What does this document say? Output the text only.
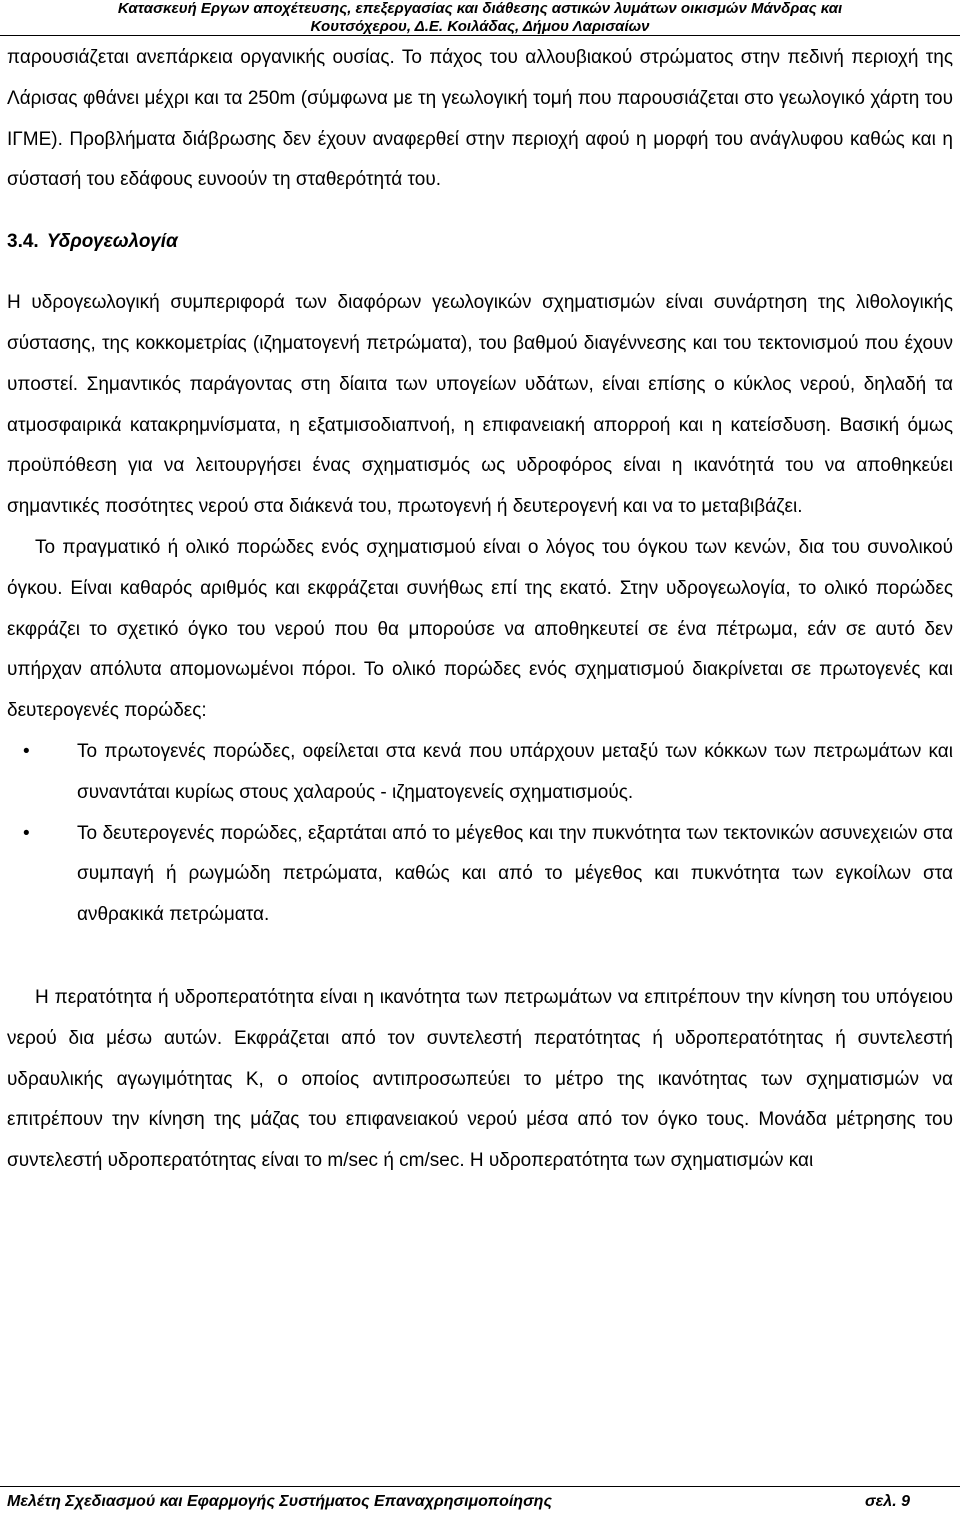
Κατασκευή Εργων αποχέτευσης, επεξεργασίας και διάθεσης αστικών λυμάτων οικισμών Μάνδρας και
Κουτσόχερου, Δ.Ε. Κοιλάδας, Δήμου Λαρισαίων

παρουσιάζεται ανεπάρκεια οργανικής ουσίας. Το πάχος του αλλουβιακού στρώματος στην πεδινή περιοχή της Λάρισας φθάνει μέχρι και τα 250m (σύμφωνα με τη γεωλογική τομή που παρουσιάζεται στο γεωλογικό χάρτη του ΙΓΜΕ). Προβλήματα διάβρωσης δεν έχουν αναφερθεί στην περιοχή αφού η μορφή του ανάγλυφου καθώς και η σύστασή του εδάφους ευνοούν τη σταθερότητά του.

3.4. Υδρογεωλογία

Η υδρογεωλογική συμπεριφορά των διαφόρων γεωλογικών σχηματισμών είναι συνάρτηση της λιθολογικής σύστασης, της κοκκομετρίας (ιζηματογενή πετρώματα), του βαθμού διαγέννεσης και του τεκτονισμού που έχουν υποστεί. Σημαντικός παράγοντας στη δίαιτα των υπογείων υδάτων, είναι επίσης ο κύκλος νερού, δηλαδή τα ατμοσφαιρικά κατακρημνίσματα, η εξατμισοδιαπνοή, η επιφανειακή απορροή και η κατείσδυση. Βασική όμως προϋπόθεση για να λειτουργήσει ένας σχηματισμός ως υδροφόρος είναι η ικανότητά του να αποθηκεύει σημαντικές ποσότητες νερού στα διάκενά του, πρωτογενή ή δευτερογενή και να το μεταβιβάζει.

Το πραγματικό ή ολικό πορώδες ενός σχηματισμού είναι ο λόγος του όγκου των κενών, δια του συνολικού όγκου. Είναι καθαρός αριθμός και εκφράζεται συνήθως επί της εκατό. Στην υδρογεωλογία, το ολικό πορώδες εκφράζει το σχετικό όγκο του νερού που θα μπορούσε να αποθηκευτεί σε ένα πέτρωμα, εάν σε αυτό δεν υπήρχαν απόλυτα απομονωμένοι πόροι. Το ολικό πορώδες ενός σχηματισμού διακρίνεται σε πρωτογενές και δευτερογενές πορώδες:

• Το πρωτογενές πορώδες, οφείλεται στα κενά που υπάρχουν μεταξύ των κόκκων των πετρωμάτων και συναντάται κυρίως στους χαλαρούς - ιζηματογενείς σχηματισμούς.
• Το δευτερογενές πορώδες, εξαρτάται από το μέγεθος και την πυκνότητα των τεκτονικών ασυνεχειών στα συμπαγή ή ρωγμώδη πετρώματα, καθώς και από το μέγεθος και πυκνότητα των εγκοίλων στα ανθρακικά πετρώματα.

Η περατότητα ή υδροπερατότητα είναι η ικανότητα των πετρωμάτων να επιτρέπουν την κίνηση του υπόγειου νερού δια μέσω αυτών. Εκφράζεται από τον συντελεστή περατότητας ή υδροπερατότητας ή συντελεστή υδραυλικής αγωγιμότητας K, ο οποίος αντιπροσωπεύει το μέτρο της ικανότητας των σχηματισμών να επιτρέπουν την κίνηση της μάζας του επιφανειακού νερού μέσα από τον όγκο τους. Μονάδα μέτρησης του συντελεστή υδροπερατότητας είναι το m/sec ή cm/sec. Η υδροπερατότητα των σχηματισμών και

Μελέτη Σχεδιασμού και Εφαρμογής Συστήματος Επαναχρησιμοποίησης	σελ. 9
